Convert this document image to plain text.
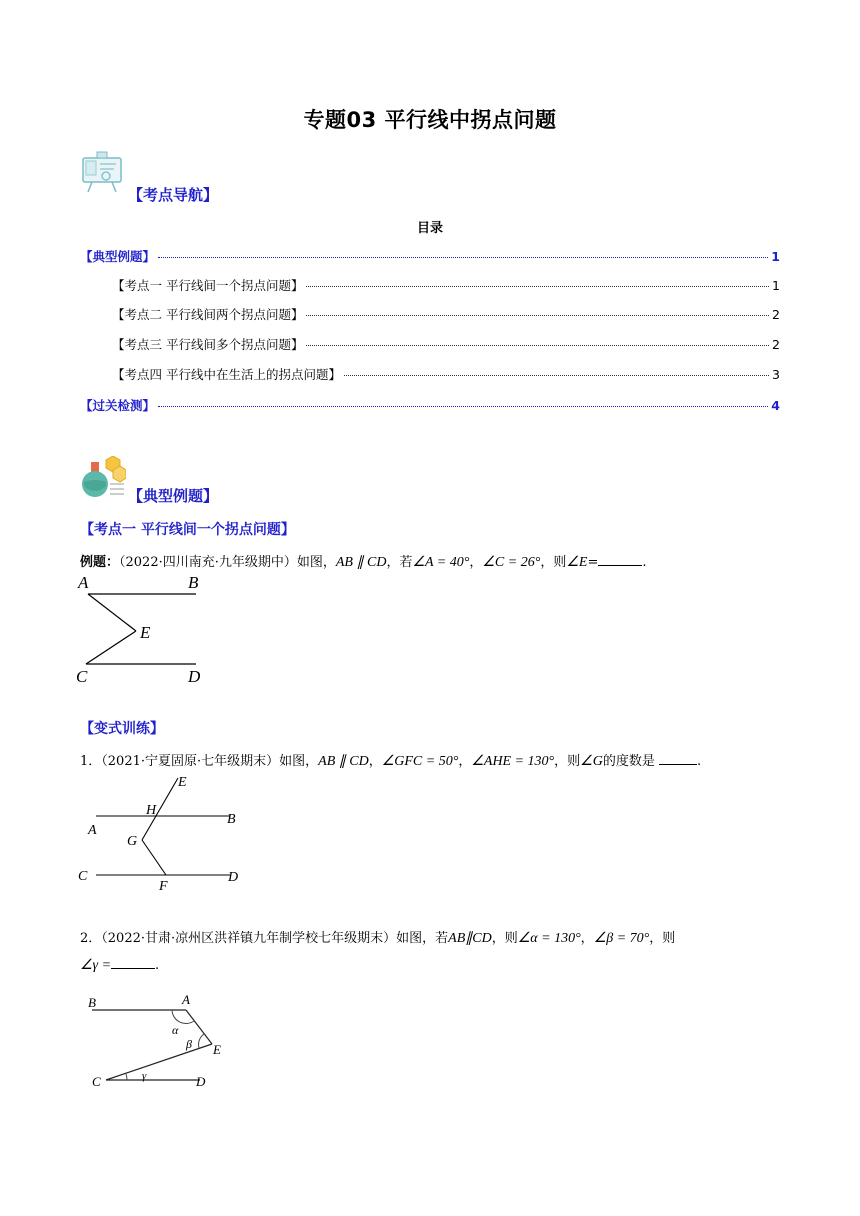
专题03 平行线中拐点问题
【考点导航】
目录
【典型例题】	1
【考点一 平行线间一个拐点问题】	1
【考点二 平行线间两个拐点问题】	2
【考点三 平行线间多个拐点问题】	2
【考点四 平行线中在生活上的拐点问题】	3
【过关检测】	4
【典型例题】
【考点一 平行线间一个拐点问题】
例题：（2022·四川南充·九年级期中）如图，AB ∥ CD，若∠A = 40°，∠C = 26°，则∠E=	.
A	B
E
C	D
【变式训练】
1．（2021·宁夏固原·七年级期末）如图，AB ∥ CD，∠GFC = 50°，∠AHE = 130°，则∠G的度数是	.
E
H
B
A
G
C
F
D
2．（2022·甘肃·凉州区洪祥镇九年制学校七年级期末）如图，若AB∥CD，则∠α = 130°，∠β = 70°，则
∠γ =	.
B	A
α
β E
C	γ	D
